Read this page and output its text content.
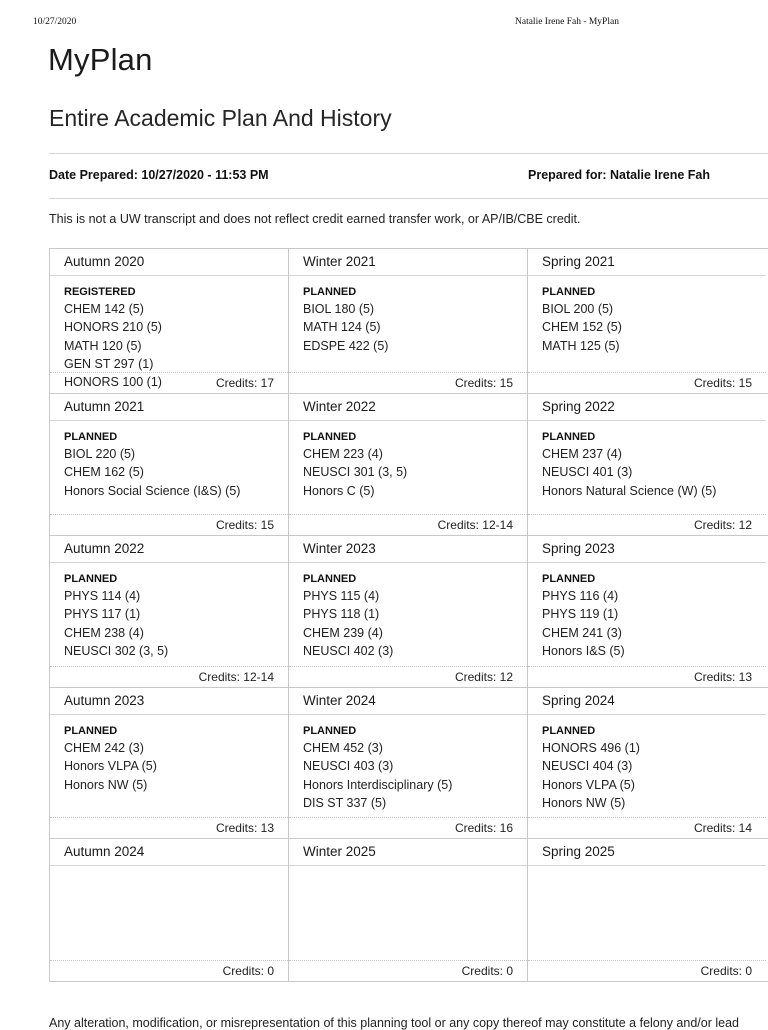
10/27/2020	Natalie Irene Fah - MyPlan
MyPlan
Entire Academic Plan And History
Date Prepared: 10/27/2020 - 11:53 PM	Prepared for: Natalie Irene Fah
This is not a UW transcript and does not reflect credit earned transfer work, or AP/IB/CBE credit.
Autumn 2020
REGISTERED
CHEM 142 (5)
HONORS 210 (5)
MATH 120 (5)
GEN ST 297 (1)
HONORS 100 (1)	Credits: 17
Winter 2021
PLANNED
BIOL 180 (5)
MATH 124 (5)
EDSPE 422 (5)
Credits: 15
Spring 2021
PLANNED
BIOL 200 (5)
CHEM 152 (5)
MATH 125 (5)
Credits: 15
Autumn 2021
PLANNED
BIOL 220 (5)
CHEM 162 (5)
Honors Social Science (I&S) (5)
Credits: 15
Winter 2022
PLANNED
CHEM 223 (4)
NEUSCI 301 (3, 5)
Honors C (5)
Credits: 12-14
Spring 2022
PLANNED
CHEM 237 (4)
NEUSCI 401 (3)
Honors Natural Science (W) (5)
Credits: 12
Autumn 2022
PLANNED
PHYS 114 (4)
PHYS 117 (1)
CHEM 238 (4)
NEUSCI 302 (3, 5)
Credits: 12-14
Winter 2023
PLANNED
PHYS 115 (4)
PHYS 118 (1)
CHEM 239 (4)
NEUSCI 402 (3)
Credits: 12
Spring 2023
PLANNED
PHYS 116 (4)
PHYS 119 (1)
CHEM 241 (3)
Honors I&S (5)
Credits: 13
Autumn 2023
PLANNED
CHEM 242 (3)
Honors VLPA (5)
Honors NW (5)
Credits: 13
Winter 2024
PLANNED
CHEM 452 (3)
NEUSCI 403 (3)
Honors Interdisciplinary (5)
DIS ST 337 (5)
Credits: 16
Spring 2024
PLANNED
HONORS 496 (1)
NEUSCI 404 (3)
Honors VLPA (5)
Honors NW (5)
Credits: 14
Autumn 2024
Credits: 0
Winter 2025
Credits: 0
Spring 2025
Credits: 0
Any alteration, modification, or misrepresentation of this planning tool or any copy thereof may constitute a felony and/or lead
